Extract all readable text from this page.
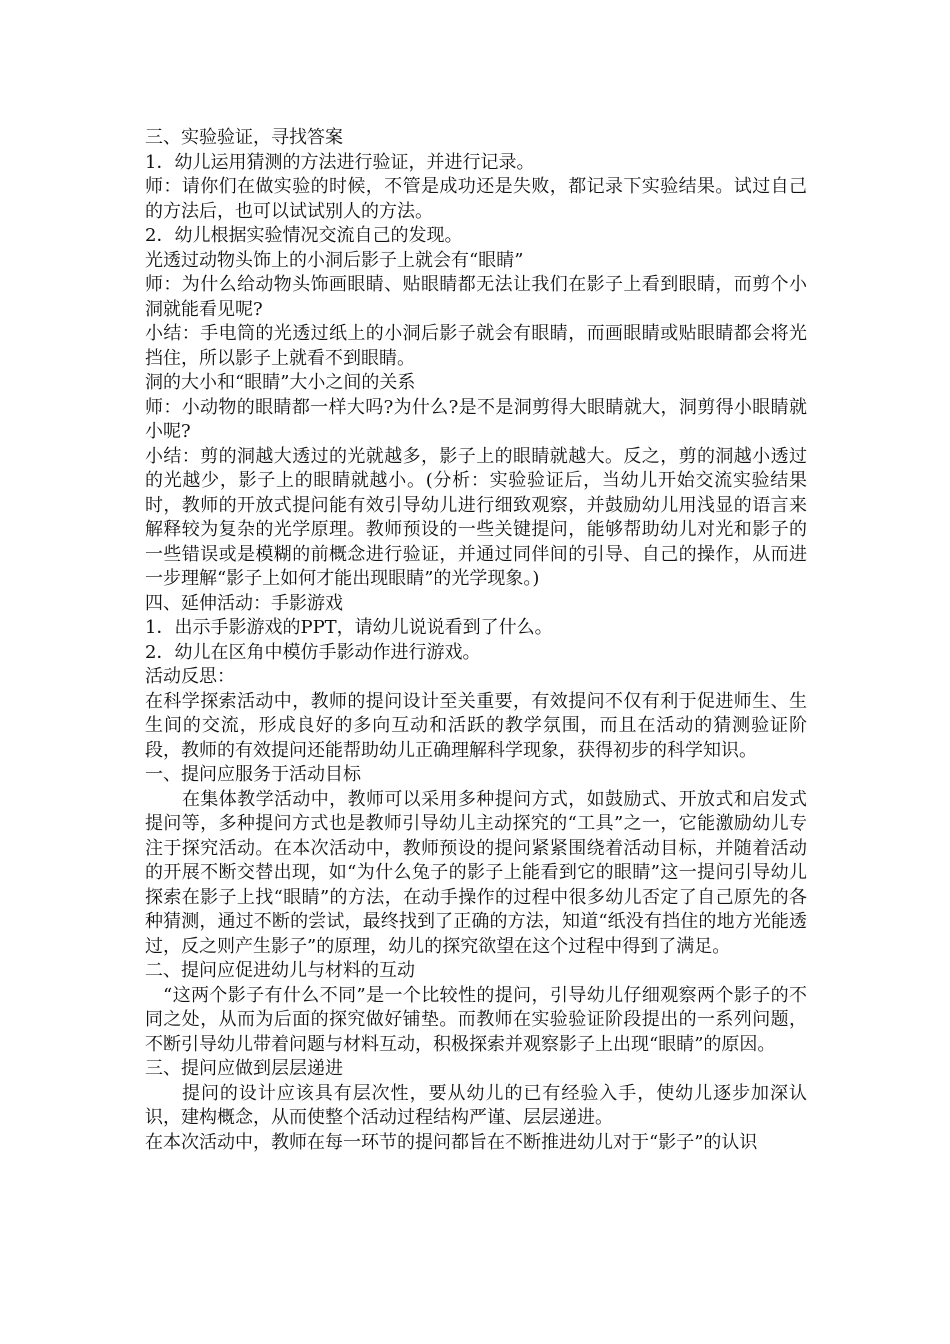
三、实验验证，寻找答案

1．幼儿运用猜测的方法进行验证，并进行记录。

师：请你们在做实验的时候，不管是成功还是失败，都记录下实验结果。试过自己的方法后，也可以试试别人的方法。

2．幼儿根据实验情况交流自己的发现。

光透过动物头饰上的小洞后影子上就会有“眼睛”

师：为什么给动物头饰画眼睛、贴眼睛都无法让我们在影子上看到眼睛，而剪个小洞就能看见呢?

小结：手电筒的光透过纸上的小洞后影子就会有眼睛，而画眼睛或贴眼睛都会将光挡住，所以影子上就看不到眼睛。

洞的大小和“眼睛”大小之间的关系

师：小动物的眼睛都一样大吗?为什么?是不是洞剪得大眼睛就大，洞剪得小眼睛就小呢?

小结：剪的洞越大透过的光就越多，影子上的眼睛就越大。反之，剪的洞越小透过的光越少，影子上的眼睛就越小。(分析：实验验证后，当幼儿开始交流实验结果时，教师的开放式提问能有效引导幼儿进行细致观察，并鼓励幼儿用浅显的语言来解释较为复杂的光学原理。教师预设的一些关键提问，能够帮助幼儿对光和影子的一些错误或是模糊的前概念进行验证，并通过同伴间的引导、自己的操作，从而进一步理解“影子上如何才能出现眼睛”的光学现象。)

四、延伸活动：手影游戏

1．出示手影游戏的PPT，请幼儿说说看到了什么。

2．幼儿在区角中模仿手影动作进行游戏。

活动反思：

在科学探索活动中，教师的提问设计至关重要，有效提问不仅有利于促进师生、生生间的交流，形成良好的多向互动和活跃的教学氛围，而且在活动的猜测验证阶段，教师的有效提问还能帮助幼儿正确理解科学现象，获得初步的科学知识。

一、提问应服务于活动目标

在集体教学活动中，教师可以采用多种提问方式，如鼓励式、开放式和启发式提问等，多种提问方式也是教师引导幼儿主动探究的“工具”之一，它能激励幼儿专注于探究活动。在本次活动中，教师预设的提问紧紧围绕着活动目标，并随着活动的开展不断交替出现，如“为什么兔子的影子上能看到它的眼睛”这一提问引导幼儿探索在影子上找“眼睛”的方法，在动手操作的过程中很多幼儿否定了自己原先的各种猜测，通过不断的尝试，最终找到了正确的方法，知道“纸没有挡住的地方光能透过，反之则产生影子”的原理，幼儿的探究欲望在这个过程中得到了满足。

二、提问应促进幼儿与材料的互动

“这两个影子有什么不同”是一个比较性的提问，引导幼儿仔细观察两个影子的不同之处，从而为后面的探究做好铺垫。而教师在实验验证阶段提出的一系列问题，不断引导幼儿带着问题与材料互动，积极探索并观察影子上出现“眼睛”的原因。

三、提问应做到层层递进

提问的设计应该具有层次性，要从幼儿的已有经验入手，使幼儿逐步加深认识，建构概念，从而使整个活动过程结构严谨、层层递进。

在本次活动中，教师在每一环节的提问都旨在不断推进幼儿对于“影子”的认识
